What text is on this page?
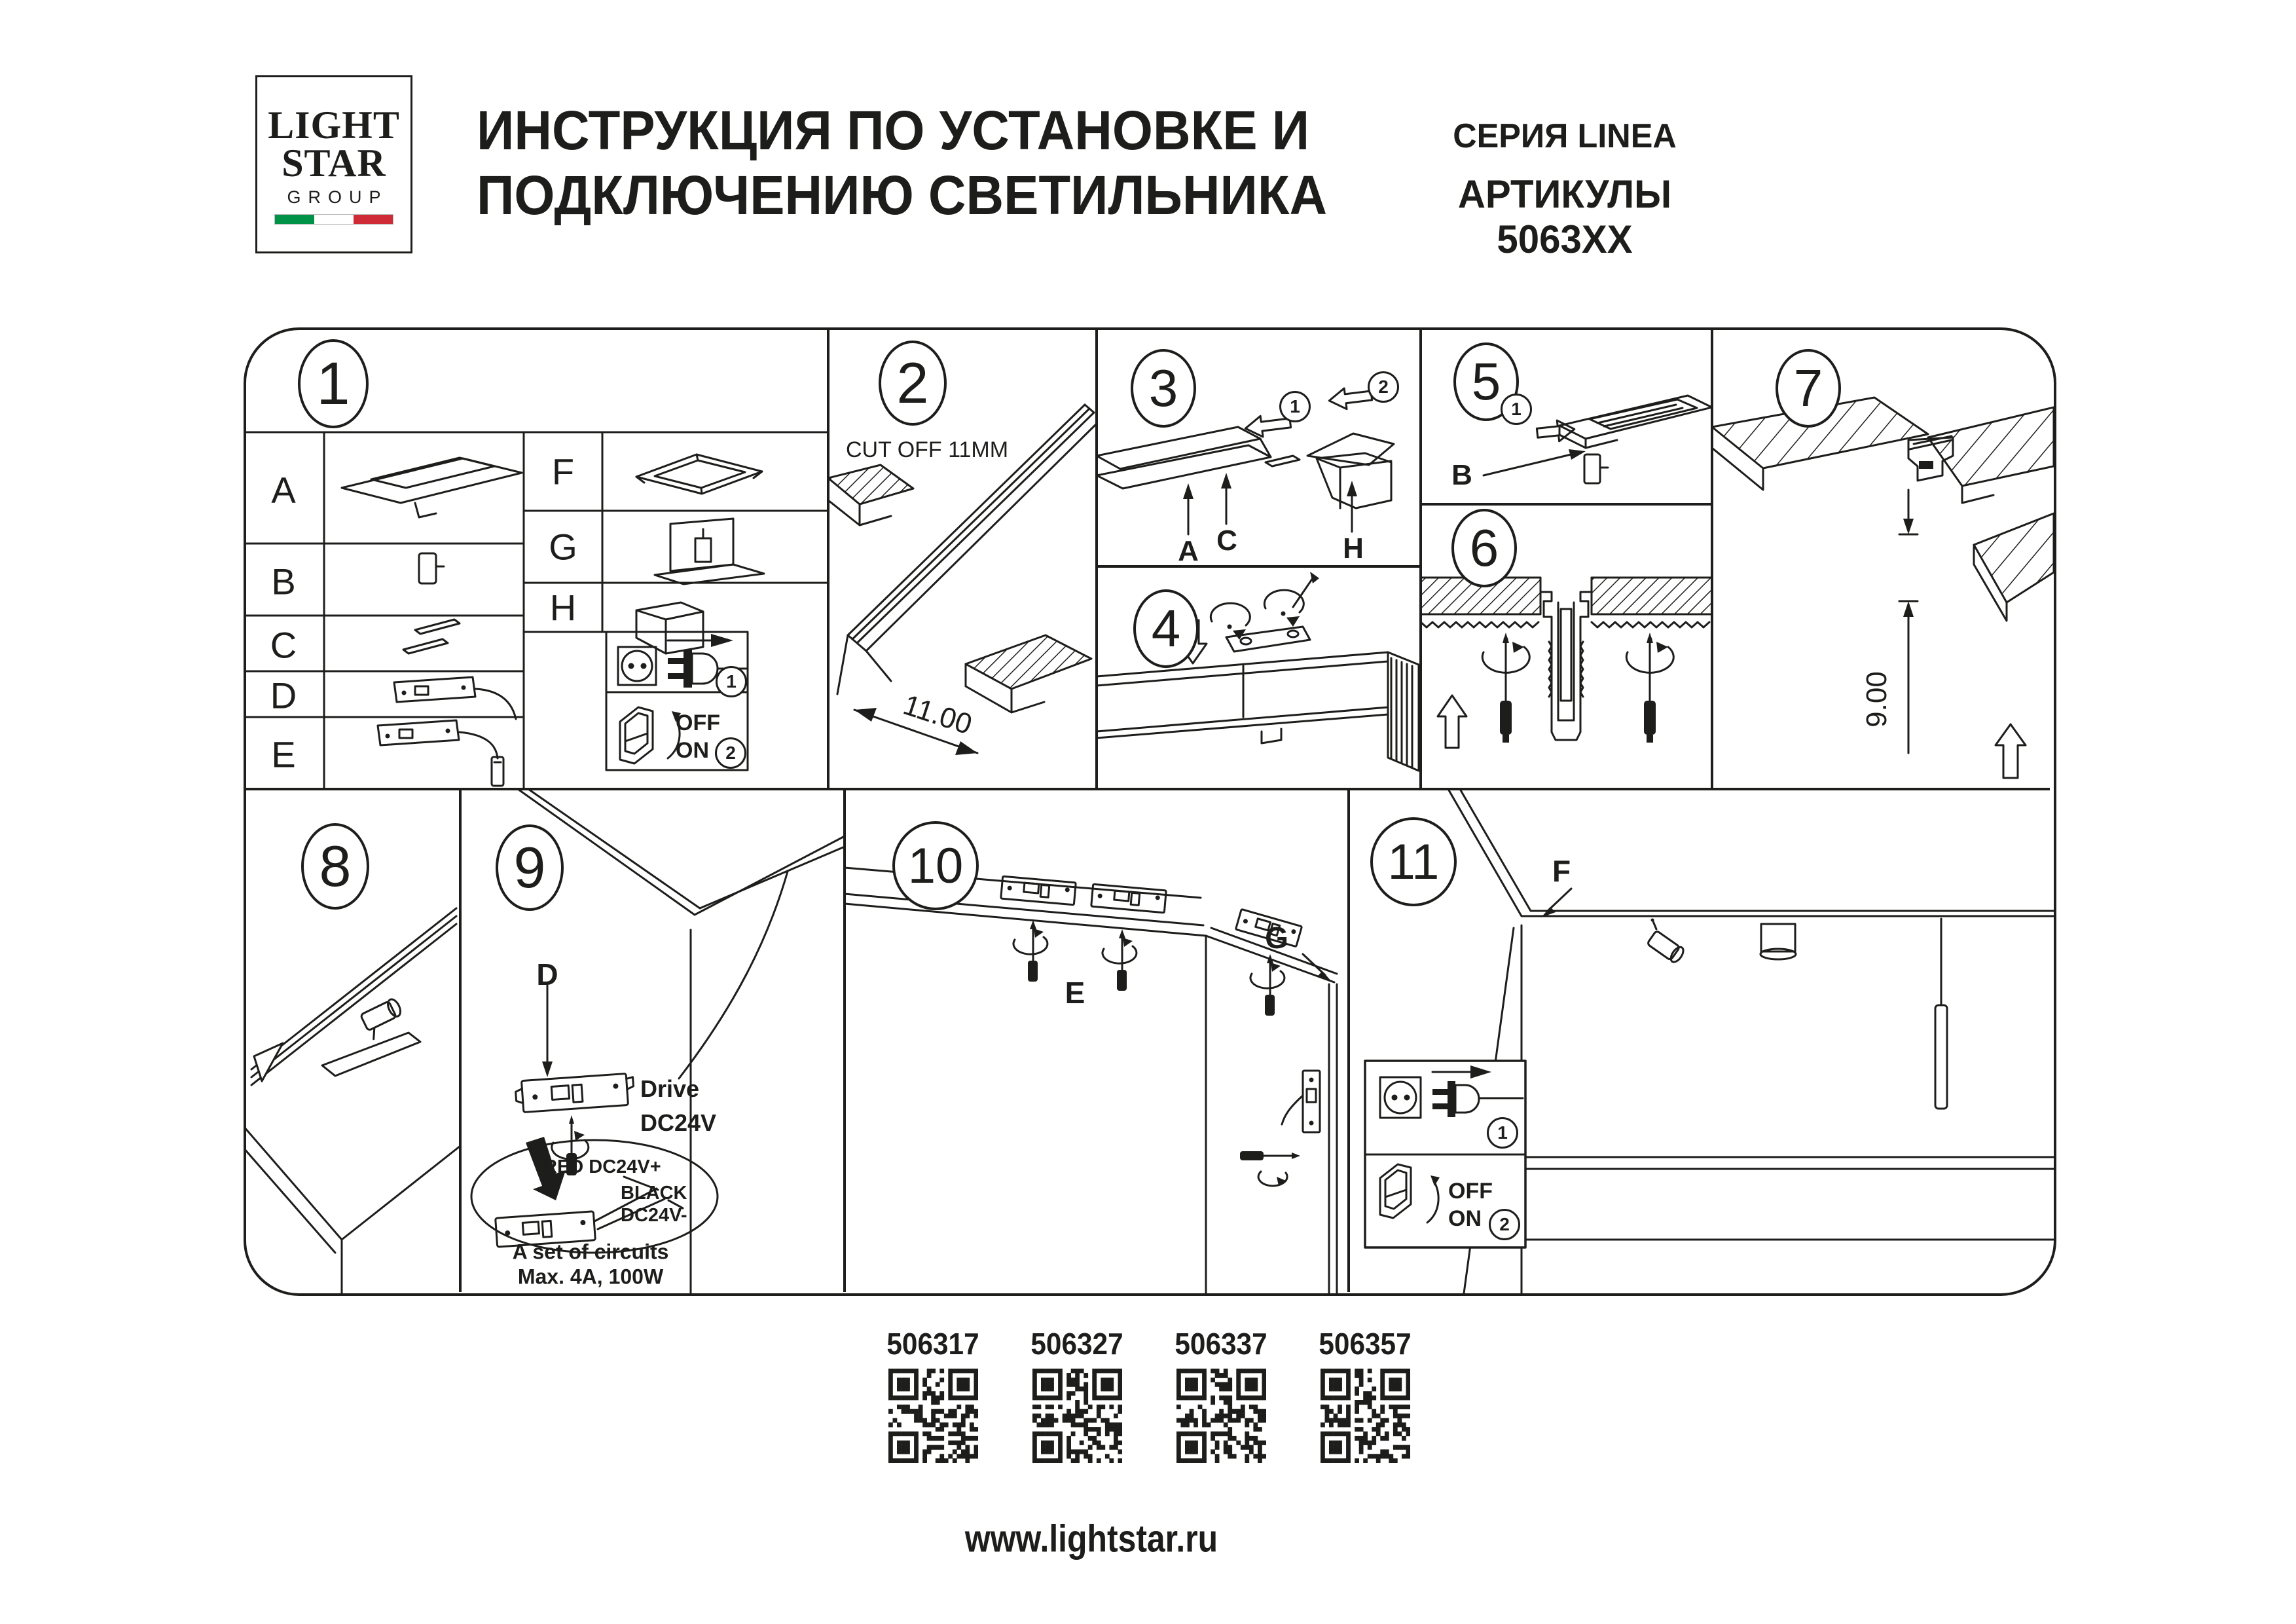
LIGHT
STAR
GROUP
ИНСТРУКЦИЯ ПО УСТАНОВКЕ И
ПОДКЛЮЧЕНИЮ СВЕТИЛЬНИКА
СЕРИЯ LINEA
АРТИКУЛЫ 5063XX
1	2	3
4
5
6
7
8	9	10	11
1
2
1
2
1
1
2
A
B
C
D
E
F
G
H
OFF
ON
CUT OFF 11MM
11.00
A C	H
B
9.00
D
Drive
DC24V
RED DC24V+
BLACK
DC24V-
A set of circuits
Max. 4A, 100W
E
G
F
OFF
ON
506317 506327 506337 506357
www.lightstar.ru
